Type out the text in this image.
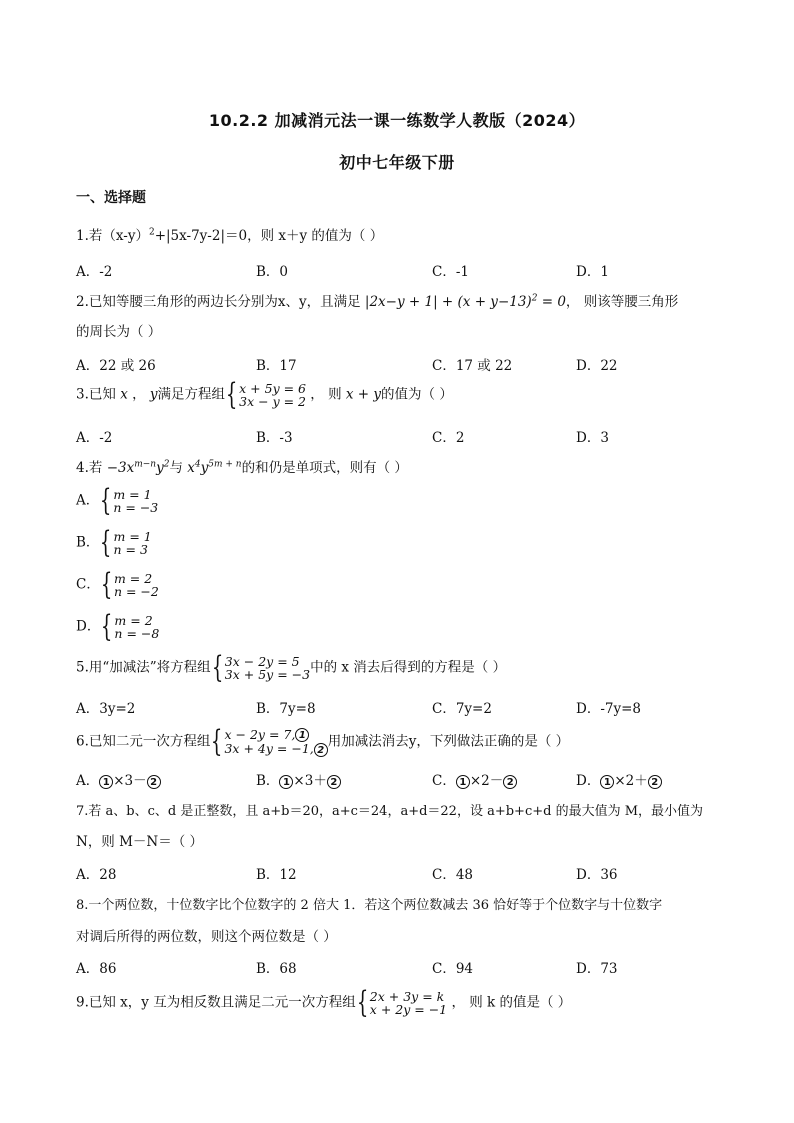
10.2.2 加减消元法一课一练数学人教版（2024）
初中七年级下册
一、选择题
1.若$(x-y)^2+|5x-7y-2|=0$，则 x＋y 的值为（ ）
A．-2	B．0	C．-1	D．1
2.已知等腰三角形的两边长分别为x、y，且满足 $|2x-y + 1| + (x + y-13)^2 = 0$， 则该等腰三角形
的周长为（ ）
A．22 或 26	B．17	C．17 或 22	D．22
3.已知 x ， y满足方程组{ x + 5y = 6
3x − y = 2 ， 则 x + y的值为（ ）
A．-2	B．-3	C．2	D．3
4.若 $-3x^{m-n}y^2$与 $x^4y^{5m + n}$的和仍是单项式，则有（ ）
A．{ m = 1
n = −3
B．{ m = 1
n = 3
C．{ m = 2
n = −2
D．{ m = 2
n = −8
5.用“加减法”将方程组{ 3x − 2y = 5
3x + 5y = −3 中的 x 消去后得到的方程是（ ）
A．3y=2	B．7y=8	C．7y=2	D．-7y=8
6.已知二元一次方程组{ x − 2y = 7, 1
3x + 4y = −1, 2
用加减法消去y，下列做法正确的是（ ）
A． 1 ×3－ 2	B． 1 ×3＋ 2	C． 1 ×2－ 2	D． 1 ×2＋ 2
7.若 a、b、c、d 是正整数，且 a+b＝20，a+c＝24，a+d＝22，设 a+b+c+d 的最大值为 M，最小值为
N，则 M－N＝（ ）
A．28	B．12	C．48	D．36
8.一个两位数，十位数字比个位数字的 2 倍大 1．若这个两位数减去 36 恰好等于个位数字与十位数字
对调后所得的两位数，则这个两位数是（ ）
A．86	B．68	C．94	D．73
9.已知 x，y 互为相反数且满足二元一次方程组{ 2x + 3y = k
x + 2y = −1 ， 则 k 的值是（ ）
